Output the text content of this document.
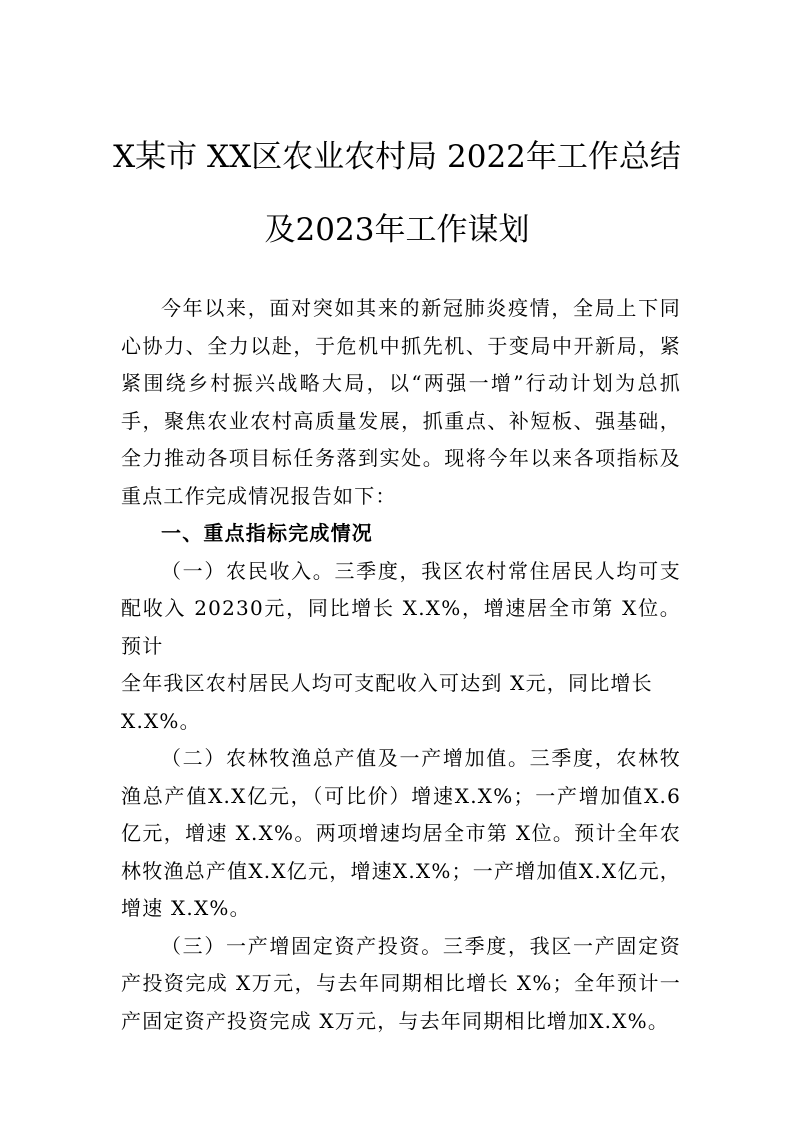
X某市 XX区农业农村局 2022年工作总结
及2023年工作谋划

今年以来，面对突如其来的新冠肺炎疫情，全局上下同心协力、全力以赴，于危机中抓先机、于变局中开新局，紧紧围绕乡村振兴战略大局，以“两强一增”行动计划为总抓手，聚焦农业农村高质量发展，抓重点、补短板、强基础， 全力推动各项目标任务落到实处。现将今年以来各项指标及重点工作完成情况报告如下：

一、重点指标完成情况

（一）农民收入。三季度，我区农村常住居民人均可支配收入 20230元，同比增长 X.X%，增速居全市第 X位。预计

全年我区农村居民人均可支配收入可达到 X元，同比增长 X.X%。

（二）农林牧渔总产值及一产增加值。三季度，农林牧渔总产值X.X亿元，（可比价）增速X.X%；一产增加值X.6亿元，增速 X.X%。两项增速均居全市第 X位。预计全年农林牧渔总产值X.X亿元，增速X.X%；一产增加值X.X亿元，增速 X.X%。

（三）一产增固定资产投资。三季度，我区一产固定资产投资完成 X万元，与去年同期相比增长 X%；全年预计一产固定资产投资完成 X万元，与去年同期相比增加X.X%。
